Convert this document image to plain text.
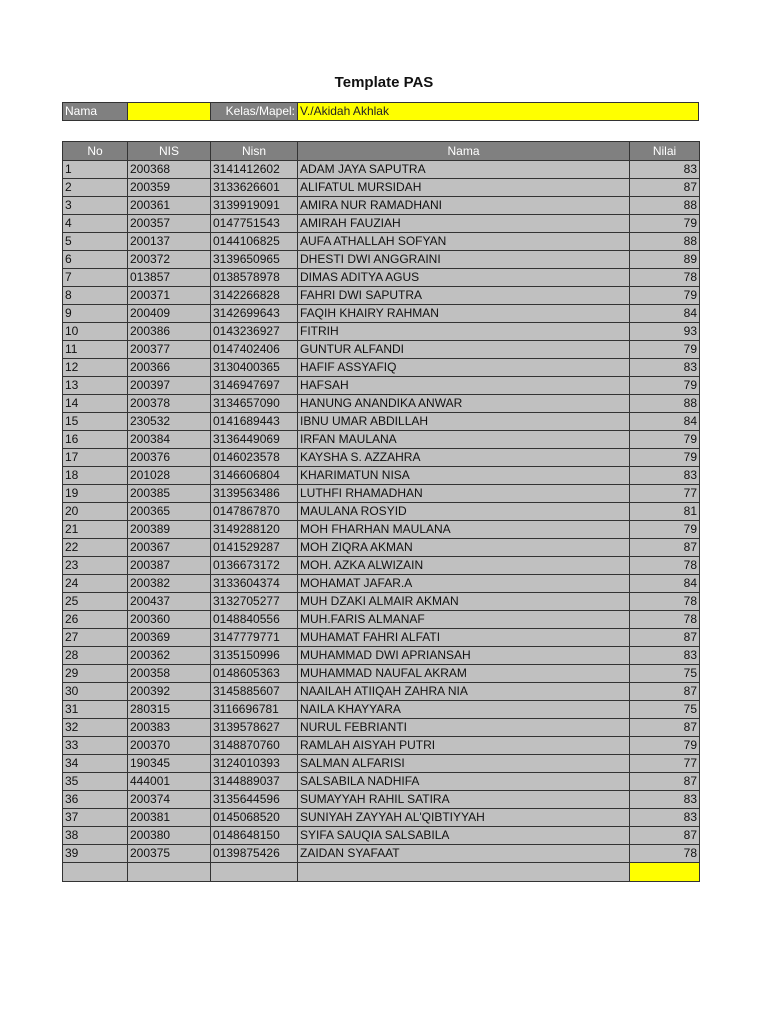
Template PAS
Nama	Kelas/Mapel: V./Akidah Akhlak
No	NIS	Nisn	Nama	Nilai
1	200368	3141412602	ADAM JAYA SAPUTRA	83
2	200359	3133626601	ALIFATUL MURSIDAH	87
3	200361	3139919091	AMIRA NUR RAMADHANI	88
4	200357	0147751543	AMIRAH FAUZIAH	79
5	200137	0144106825	AUFA ATHALLAH SOFYAN	88
6	200372	3139650965	DHESTI DWI ANGGRAINI	89
7	013857	0138578978	DIMAS ADITYA AGUS	78
8	200371	3142266828	FAHRI DWI SAPUTRA	79
9	200409	3142699643	FAQIH KHAIRY RAHMAN	84
10	200386	0143236927	FITRIH	93
11	200377	0147402406	GUNTUR ALFANDI	79
12	200366	3130400365	HAFIF ASSYAFIQ	83
13	200397	3146947697	HAFSAH	79
14	200378	3134657090	HANUNG ANANDIKA ANWAR	88
15	230532	0141689443	IBNU UMAR ABDILLAH	84
16	200384	3136449069	IRFAN MAULANA	79
17	200376	0146023578	KAYSHA S. AZZAHRA	79
18	201028	3146606804	KHARIMATUN NISA	83
19	200385	3139563486	LUTHFI RHAMADHAN	77
20	200365	0147867870	MAULANA ROSYID	81
21	200389	3149288120	MOH FHARHAN MAULANA	79
22	200367	0141529287	MOH ZIQRA AKMAN	87
23	200387	0136673172	MOH. AZKA ALWIZAIN	78
24	200382	3133604374	MOHAMAT JAFAR.A	84
25	200437	3132705277	MUH DZAKI ALMAIR AKMAN	78
26	200360	0148840556	MUH.FARIS ALMANAF	78
27	200369	3147779771	MUHAMAT FAHRI ALFATI	87
28	200362	3135150996	MUHAMMAD DWI APRIANSAH	83
29	200358	0148605363	MUHAMMAD NAUFAL AKRAM	75
30	200392	3145885607	NAAILAH ATIIQAH ZAHRA NIA	87
31	280315	3116696781	NAILA KHAYYARA	75
32	200383	3139578627	NURUL FEBRIANTI	87
33	200370	3148870760	RAMLAH AISYAH PUTRI	79
34	190345	3124010393	SALMAN ALFARISI	77
35	444001	3144889037	SALSABILA NADHIFA	87
36	200374	3135644596	SUMAYYAH RAHIL SATIRA	83
37	200381	0145068520	SUNIYAH ZAYYAH AL'QIBTIYYAH	83
38	200380	0148648150	SYIFA SAUQIA SALSABILA	87
39	200375	0139875426	ZAIDAN SYAFAAT	78
